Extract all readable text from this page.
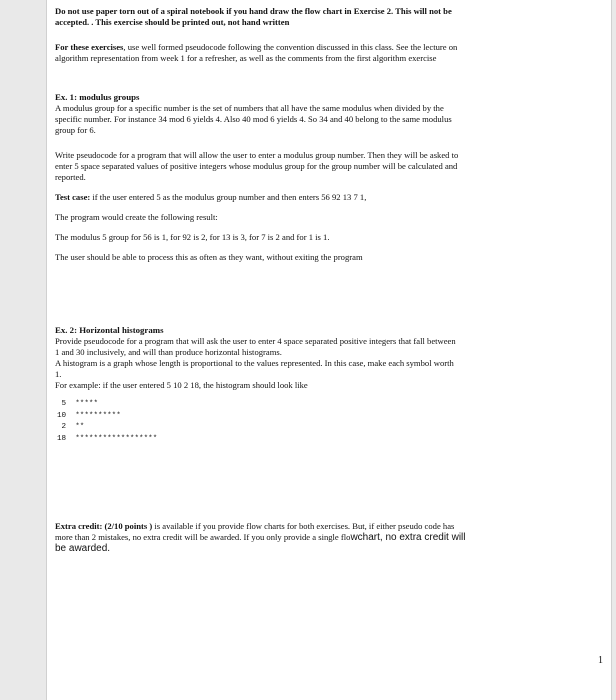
Do not use paper torn out of a spiral notebook if you hand draw the flow chart in Exercise 2. This will not be

accepted. . This exercise should be printed out, not hand written

For these exercises, use well formed pseudocode following the convention discussed in this class. See the lecture on

algorithm representation from week 1 for a refresher, as well as the comments from the first algorithm exercise

Ex. 1: modulus groups

A modulus group for a specific number is the set of numbers that all have the same modulus when divided by the

specific number. For instance 34 mod 6 yields 4. Also 40 mod 6 yields 4. So 34 and 40 belong to the same modulus

group for 6.

Write pseudocode for a program that will allow the user to enter a modulus group number. Then they will be asked to

enter 5 space separated values of positive integers whose modulus group for the group number will be calculated and

reported.

Test case: if the user entered 5 as the modulus group number and then enters 56 92 13 7 1,

The program would create the following result:

The modulus 5 group for 56 is 1, for 92 is 2, for 13 is 3, for 7 is 2 and for 1 is 1.

The user should be able to process this as often as they want, without exiting the program

Ex. 2: Horizontal histograms

Provide pseudocode for a program that will ask the user to enter 4 space separated positive integers that fall between

1 and 30 inclusively, and will than produce horizontal histograms.

A histogram is a graph whose length is proportional to the values represented. In this case, make each symbol worth

1.

For example: if the user entered 5 10 2 18, the histogram should look like

5  *****
10  **********
2  **
18  ******************

Extra credit: (2/10 points ) is available if you provide flow charts for both exercises. But, if either pseudo code has

more than 2 mistakes, no extra credit will be awarded. If you only provide a single flowchart, no extra credit will

be awarded.

1
